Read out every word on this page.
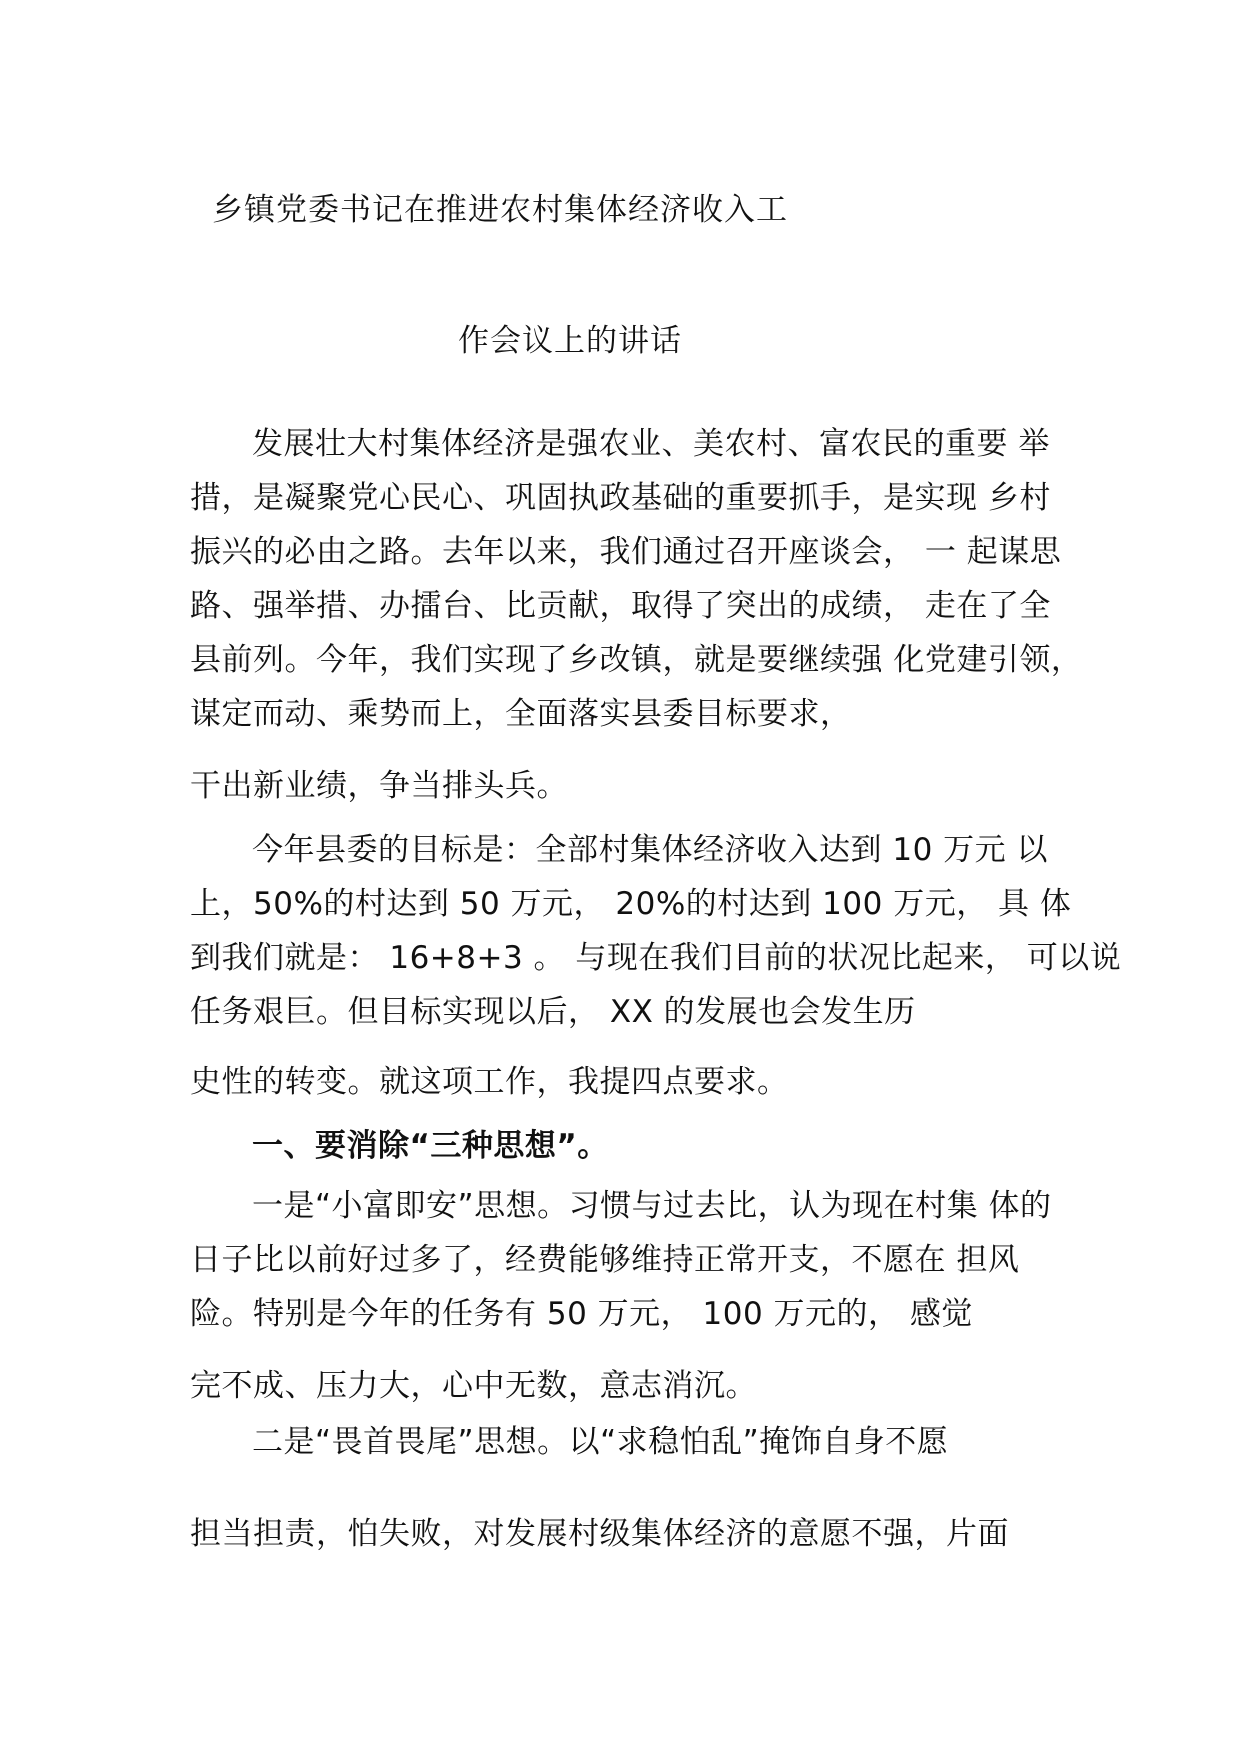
乡镇党委书记在推进农村集体经济收入工
作会议上的讲话
发展壮大村集体经济是强农业、美农村、富农民的重要 举
措，是凝聚党心民心、巩固执政基础的重要抓手，是实现 乡村
振兴的必由之路。去年以来，我们通过召开座谈会， 一 起谋思
路、强举措、办擂台、比贡献，取得了突出的成绩， 走在了全
县前列。今年，我们实现了乡改镇，就是要继续强 化党建引领，
谋定而动、乘势而上，全面落实县委目标要求，
干出新业绩，争当排头兵。
今年县委的目标是：全部村集体经济收入达到 10 万元 以
上，50%的村达到 50 万元， 20%的村达到 100 万元， 具 体
到我们就是： 16+8+3 。 与现在我们目前的状况比起来， 可以说
任务艰巨。但目标实现以后， XX 的发展也会发生历
史性的转变。就这项工作，我提四点要求。
一、要消除“三种思想”。
一是“小富即安”思想。习惯与过去比，认为现在村集 体的
日子比以前好过多了，经费能够维持正常开支，不愿在 担风
险。特别是今年的任务有 50 万元， 100 万元的， 感觉
完不成、压力大，心中无数，意志消沉。
二是“畏首畏尾”思想。以“求稳怕乱”掩饰自身不愿
担当担责，怕失败，对发展村级集体经济的意愿不强，片面
